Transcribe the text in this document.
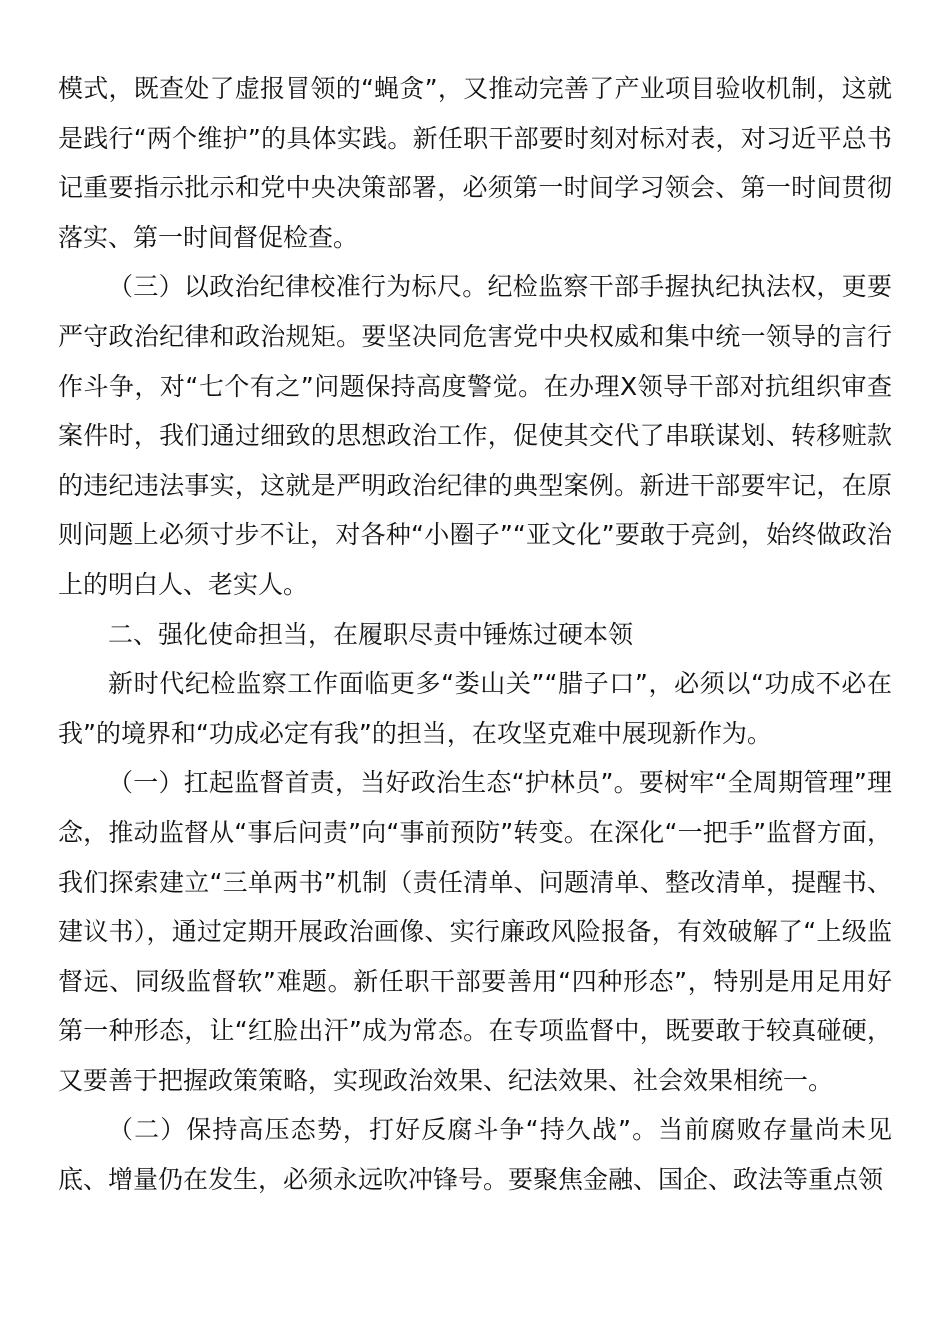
模式，既查处了虚报冒领的“蝇贪”，又推动完善了产业项目验收机制，这就是践行“两个维护”的具体实践。新任职干部要时刻对标对表，对习近平总书记重要指示批示和党中央决策部署，必须第一时间学习领会、第一时间贯彻落实、第一时间督促检查。

（三）以政治纪律校准行为标尺。纪检监察干部手握执纪执法权，更要严守政治纪律和政治规矩。要坚决同危害党中央权威和集中统一领导的言行作斗争，对“七个有之”问题保持高度警觉。在办理X领导干部对抗组织审查案件时，我们通过细致的思想政治工作，促使其交代了串联谋划、转移赃款的违纪违法事实，这就是严明政治纪律的典型案例。新进干部要牢记，在原则问题上必须寸步不让，对各种“小圈子”“亚文化”要敢于亮剑，始终做政治上的明白人、老实人。

二、强化使命担当，在履职尽责中锤炼过硬本领

新时代纪检监察工作面临更多“娄山关”“腊子口”，必须以“功成不必在我”的境界和“功成必定有我”的担当，在攻坚克难中展现新作为。

（一）扛起监督首责，当好政治生态“护林员”。要树牢“全周期管理”理念，推动监督从“事后问责”向“事前预防”转变。在深化“一把手”监督方面，我们探索建立“三单两书”机制（责任清单、问题清单、整改清单，提醒书、建议书），通过定期开展政治画像、实行廉政风险报备，有效破解了“上级监督远、同级监督软”难题。新任职干部要善用“四种形态”，特别是用足用好第一种形态，让“红脸出汗”成为常态。在专项监督中，既要敢于较真碰硬，又要善于把握政策策略，实现政治效果、纪法效果、社会效果相统一。

（二）保持高压态势，打好反腐斗争“持久战”。当前腐败存量尚未见底、增量仍在发生，必须永远吹冲锋号。要聚焦金融、国企、政法等重点领
